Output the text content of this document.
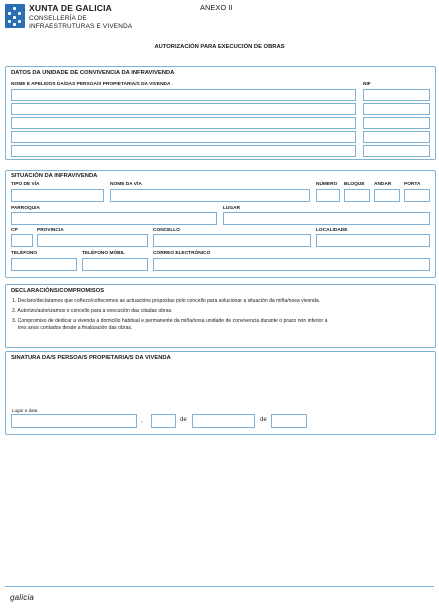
XUNTA DE GALICIA
CONSELLERÍA DE
INFRAESTRUTURAS E VIVENDA
ANEXO II
AUTORIZACIÓN PARA EXECUCIÓN DE OBRAS
DATOS DA UNIDADE DE CONVIVENCIA DA INFRAVIVENDA
NOME E APELIDOS DA/DAS PERSOA/S PROPIETARIA/S DA VIVENDA	NIF
SITUACIÓN DA INFRAVIVENDA
TIPO DE VÍA	NOME DA VÍA	NÚMERO BLOQUE ANDAR	PORTA
PARROQUIA	LUGAR
CP	PROVINCIA	CONCELLO	LOCALIDADE
TELÉFONO	TELÉFONO MÓBIL	CORREO ELECTRÓNICO
DECLARACIÓNS/COMPROMISOS
1. Declaro/declaramos que coñezo/coñecemos as actuacións propostas polo concello para solucionar a situación da miña/nosa vivenda.
2. Autorizo/autorizamos o concello para a execución das citadas obras.
3. Compromiso de dedicar a vivenda a domicilio habitual e permanente da miña/nosa unidade de convivencia durante o prazo non inferior a
tres anos contados desde a finalización das obras.
SINATURA DA/S PERSOA/S PROPIETARIA/S DA VIVENDA
Lugar e data
,	de	de
galicia
